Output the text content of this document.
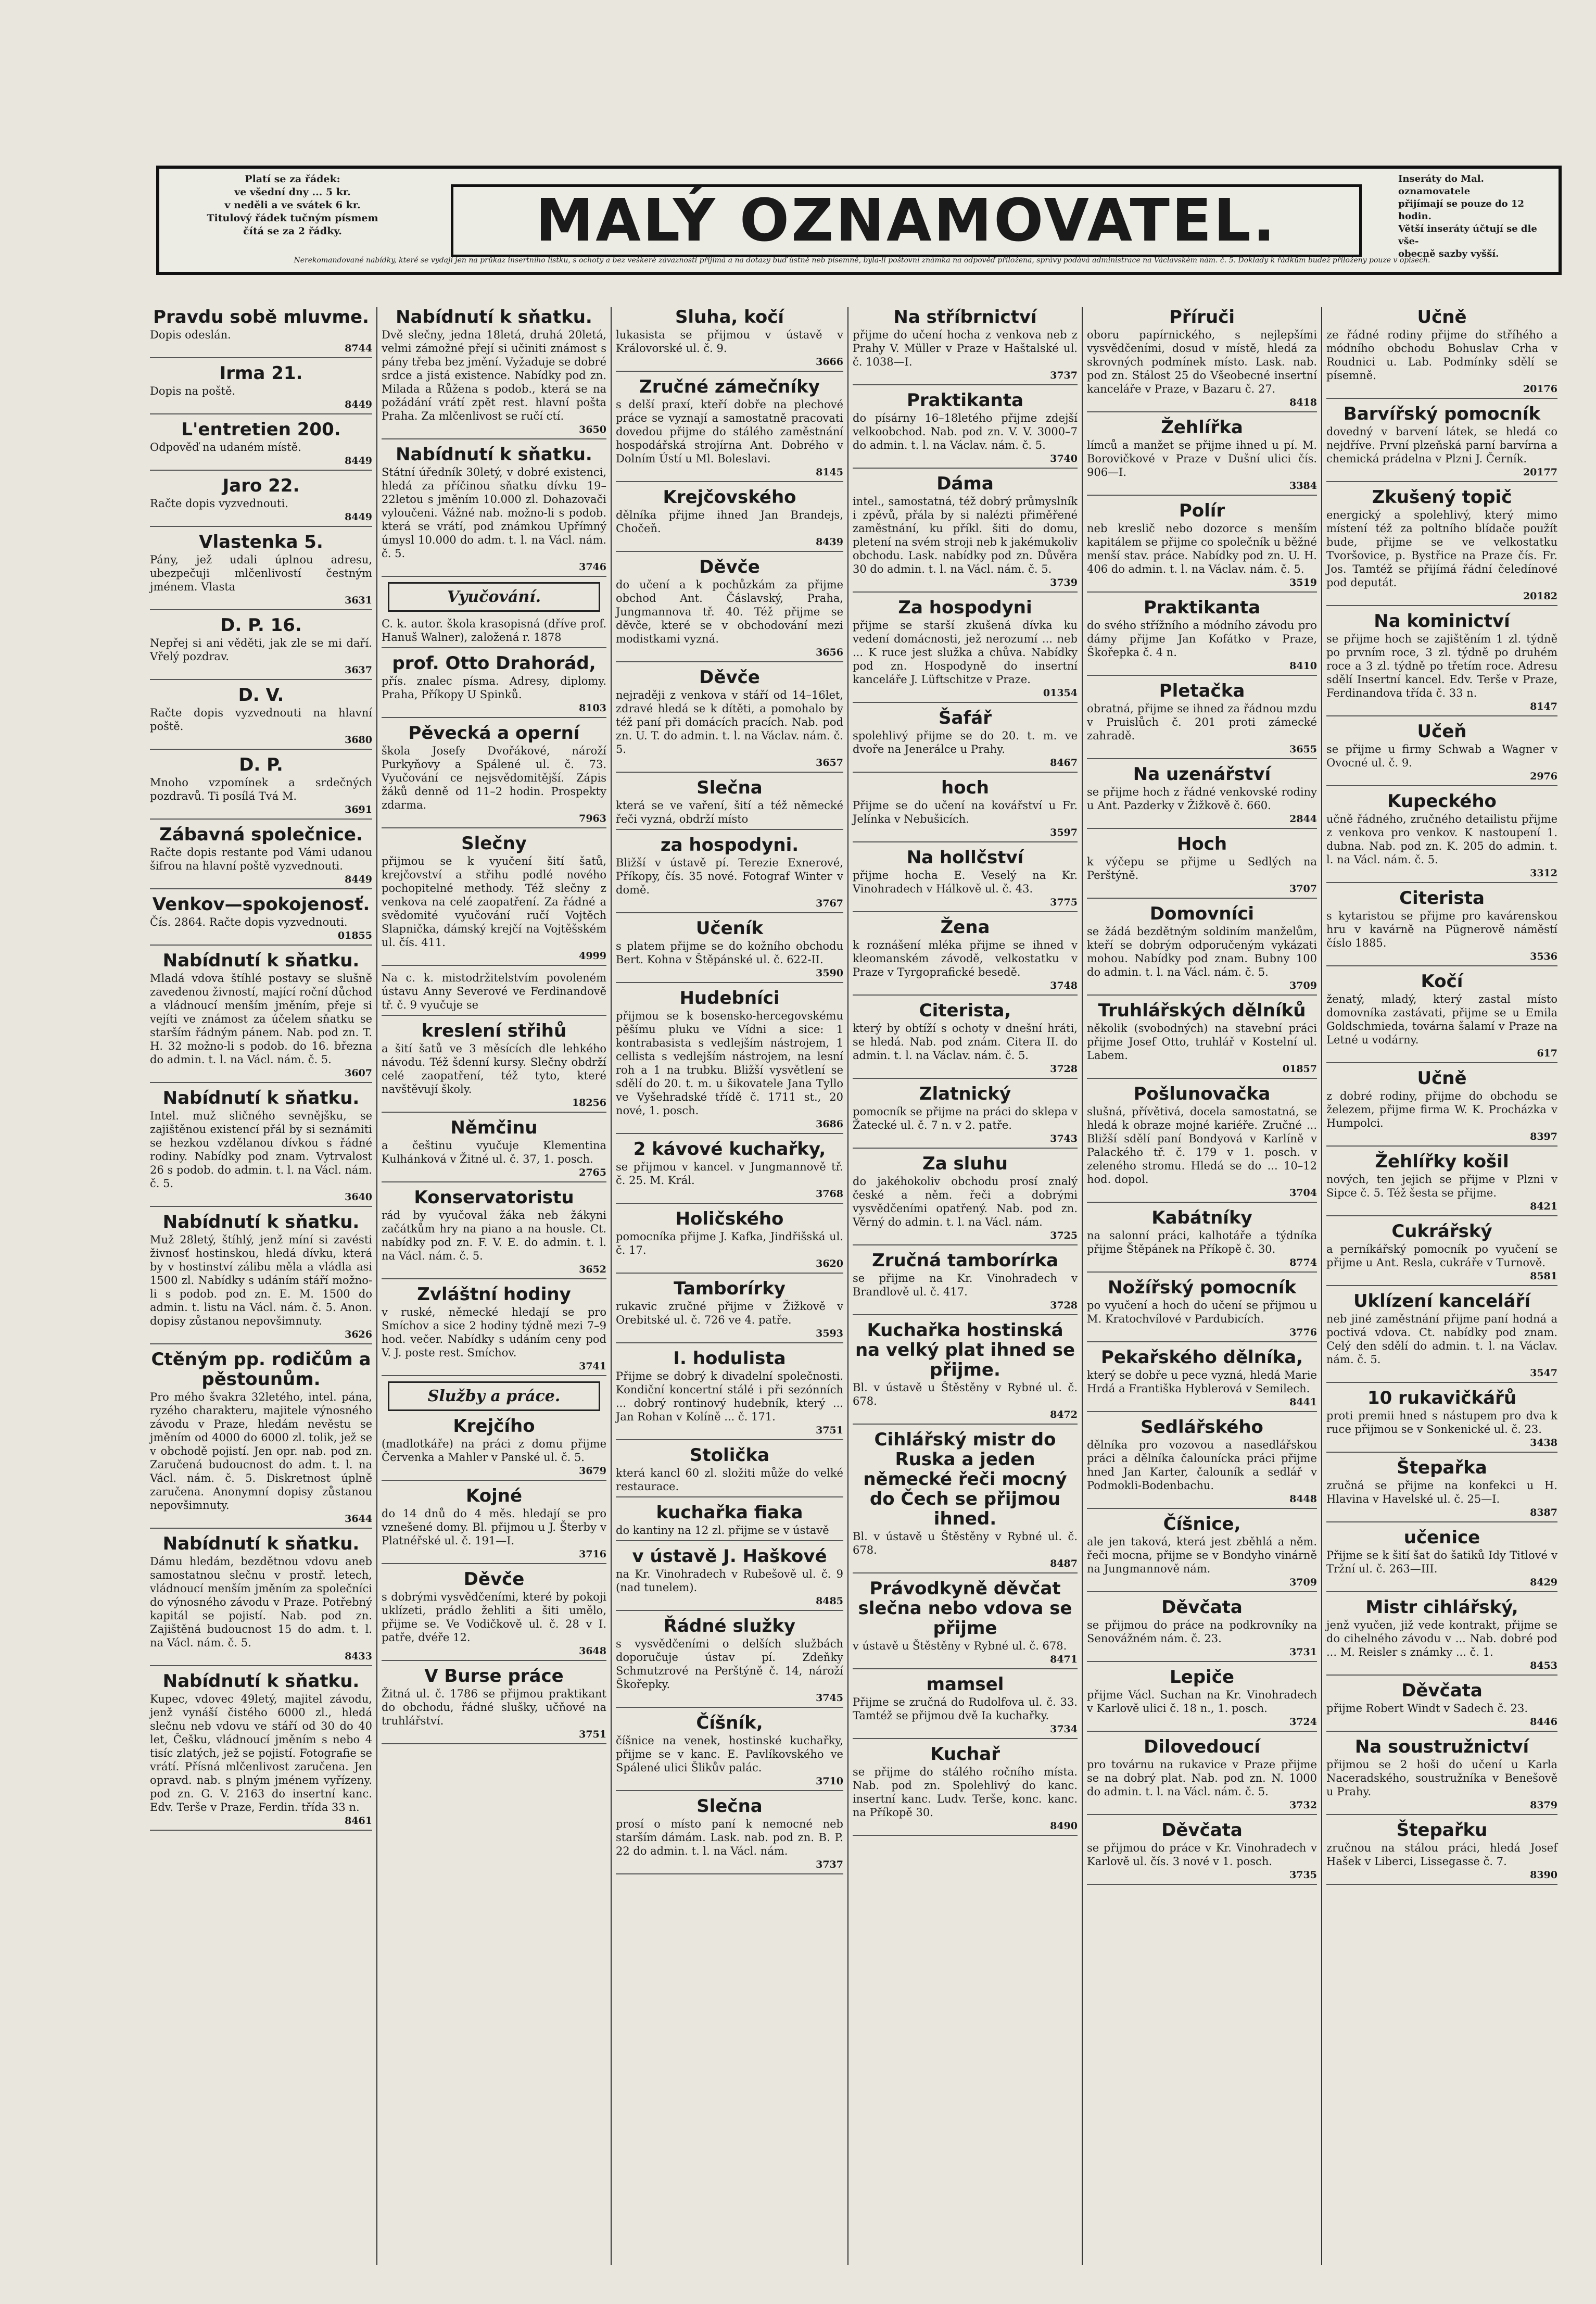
Platí se za řádek:
ve všední dny ... 5 kr.
v neděli a ve svátek 6 kr.
Titulový řádek tučným písmem
čítá se za 2 řádky.	MALÝ OZNAMOVATEL.
Inseráty do Mal. oznamovatele
přijímají se pouze do 12 hodin.
Větší inseráty účtují se dle vše-
obecně sazby vyšší.
Nerekomandované nabídky, které se vydají jen na průkaz insertního lístku, s ochoty a bez veškeré závaznosti přijímá a na dotazy buď ústně neb písemně, byla-li poštovní známka na odpověď přiložena, správy podává administrace na Václavském nám. č. 5. Doklady k řádkům budež přiloženy pouze v opisech.
Pravdu sobě mluvme.

Dopis odeslán.

8744
Irma 21.

Dopis na poště.

8449
L'entretien 200.

Odpověď na udaném místě.

8449
Jaro 22.

Račte dopis vyzvednouti.

8449
Vlastenka 5.

Pány, jež udali úplnou adresu, ubezpečuji mlčenlivostí čestným jménem. Vlasta

3631
D. P. 16.

Nepřej si ani věděti, jak zle se mi daří. Vřelý pozdrav.

3637
D. V.

Račte dopis vyzvednouti na hlavní poště.

3680
D. P.

Mnoho vzpomínek a srdečných pozdravů. Ti posílá Tvá M.

3691
Zábavná společnice.

Račte dopis restante pod Vámi udanou šifrou na hlavní poště vyzvednouti.

8449
Venkov—spokojenosť.

Čís. 2864. Račte dopis vyzvednouti.

01855
Nabídnutí k sňatku.

Mladá vdova štíhlé postavy se slušně zavedenou živností, mající roční důchod a vládnoucí menším jměním, přeje si vejíti ve známost za účelem sňatku se starším řádným pánem. Nab. pod zn. T. H. 32 možno-li s podob. do 16. března do admin. t. l. na Václ. nám. č. 5.

3607
Nabídnutí k sňatku.

Intel. muž sličného sevnějšku, se zajištěnou existencí přál by si seznámiti se hezkou vzdělanou dívkou s řádné rodiny. Nabídky pod znam. Vytrvalost 26 s podob. do admin. t. l. na Václ. nám. č. 5.

3640
Nabídnutí k sňatku.

Muž 28letý, štíhlý, jenž míní si zavésti živnosť hostinskou, hledá dívku, která by v hostinství zálibu měla a vládla asi 1500 zl. Nabídky s udáním stáří možno-li s podob. pod zn. E. M. 1500 do admin. t. listu na Václ. nám. č. 5. Anon. dopisy zůstanou nepovšimnuty.

3626
Ctěným pp. rodičům a pěstounům.

Pro mého švakra 32letého, intel. pána, ryzého charakteru, majitele výnosného závodu v Praze, hledám nevěstu se jměním od 4000 do 6000 zl. tolik, jež se v obchodě pojistí. Jen opr. nab. pod zn. Zaručená budoucnost do adm. t. l. na Václ. nám. č. 5. Diskretnost úplně zaručena. Anonymní dopisy zůstanou nepovšimnuty.

3644
Nabídnutí k sňatku.

Dámu hledám, bezdětnou vdovu aneb samostatnou slečnu v prostř. letech, vládnoucí menším jměním za společníci do výnosného závodu v Praze. Potřebný kapitál se pojistí. Nab. pod zn. Zajištěná budoucnost 15 do adm. t. l. na Václ. nám. č. 5.

8433
Nabídnutí k sňatku.

Kupec, vdovec 49letý, majitel závodu, jenž vynáší čistého 6000 zl., hledá slečnu neb vdovu ve stáří od 30 do 40 let, Češku, vládnoucí jměním s nebo 4 tisíc zlatých, jež se pojistí. Fotografie se vrátí. Přísná mlčenlivost zaručena. Jen opravd. nab. s plným jménem vyřízeny. pod zn. G. V. 2163 do insertní kanc. Edv. Terše v Praze, Ferdin. třída 33 n.

8461
Nabídnutí k sňatku.

Dvě slečny, jedna 18letá, druhá 20letá, velmi zámožné přejí si učiniti známost s pány třeba bez jmění. Vyžaduje se dobré srdce a jistá existence. Nabídky pod zn. Milada a Růžena s podob., která se na požádání vrátí zpět rest. hlavní pošta Praha. Za mlčenlivost se ručí ctí.

3650
Nabídnutí k sňatku.

Státní úředník 30letý, v dobré existenci, hledá za příčinou sňatku dívku 19–22letou s jměním 10.000 zl. Dohazovači vyloučeni. Vážné nab. možno-li s podob. která se vrátí, pod známkou Upřímný úmysl 10.000 do adm. t. l. na Václ. nám. č. 5.

3746
Vyučování.

C. k. autor. škola krasopisná (dříve prof. Hanuš Walner), založená r. 1878

prof. Otto Drahorád,

přís. znalec písma. Adresy, diplomy. Praha, Příkopy U Spinků.

8103
Pěvecká a operní

škola Josefy Dvořákové, nároží Purkyňovy a Spálené ul. č. 73. Vyučování ce nejsvědomitější. Zápis žáků denně od 11–2 hodin. Prospekty zdarma.

7963
Slečny

přijmou se k vyučení šití šatů, krejčovství a střihu podlé nového pochopitelné methody. Též slečny z venkova na celé zaopatření. Za řádné a svědomité vyučování ručí Vojtěch Slapnička, dámský krejčí na Vojtěšském ul. čís. 411.

4999

Na c. k. mistodržitelstvím povoleném ústavu Anny Severové ve Ferdinandově tř. č. 9 vyučuje se

kreslení střihů

a šití šatů ve 3 měsících dle lehkého návodu. Též šdenní kursy. Slečny obdrží celé zaopatření, též tyto, které navštěvují školy.

18256
Němčinu

a češtinu vyučuje Klementina Kulhánková v Žitné ul. č. 37, 1. posch.

2765
Konservatoristu

rád by vyučoval žáka neb žákyni začátkům hry na piano a na housle. Ct. nabídky pod zn. F. V. E. do admin. t. l. na Václ. nám. č. 5.

3652
Zvláštní hodiny

v ruské, německé hledají se pro Smíchov a sice 2 hodiny týdně mezi 7–9 hod. večer. Nabídky s udáním ceny pod V. J. poste rest. Smíchov.

3741
Služby a práce.
Krejčího

(madlotkáře) na práci z domu přijme Červenka a Mahler v Panské ul. č. 5.

3679
Kojné

do 14 dnů do 4 měs. hledají se pro vznešené domy. Bl. přijmou u J. Šterby v Platnéřské ul. č. 191—I.

3716
Děvče

s dobrými vysvědčeními, které by pokoji uklízeti, prádlo žehliti a šiti umělo, přijme se. Ve Vodičkově ul. č. 28 v I. patře, dvéře 12.

3648
V Burse práce

Žitná ul. č. 1786 se přijmou praktikant do obchodu, řádné slušky, učňové na truhlářství.

3751
Sluha, kočí

lukasista se přijmou v ústavě v Královorské ul. č. 9.

3666
Zručné zámečníky

s delší praxí, kteří dobře na plechové práce se vyznají a samostatně pracovati dovedou přijme do stálého zaměstnání hospodářská strojírna Ant. Dobrého v Dolním Ústí u Ml. Boleslavi.

8145
Krejčovského

dělníka přijme ihned Jan Brandejs, Chočeň.

8439
Děvče

do učení a k pochůzkám za přijme obchod Ant. Čáslavský, Praha, Jungmannova tř. 40. Též přijme se děvče, které se v obchodování mezi modistkami vyzná.

3656
Děvče

nejraději z venkova v stáří od 14–16let, zdravé hledá se k dítěti, a pomohalo by též paní při domácích pracích. Nab. pod zn. U. T. do admin. t. l. na Václav. nám. č. 5.

3657
Slečna

která se ve vaření, šití a též německé řeči vyzná, obdrží místo

za hospodyni.

Bližší v ústavě pí. Terezie Exnerové, Příkopy, čís. 35 nové. Fotograf Winter v domě.

3767
Učeník

s platem přijme se do kožního obchodu Bert. Kohna v Štěpánské ul. č. 622-II.

3590
Hudebníci

přijmou se k bosensko-hercegovskému pěšímu pluku ve Vídni a sice: 1 kontrabasista s vedlejším nástrojem, 1 cellista s vedlejším nástrojem, na lesní roh a 1 na trubku. Bližší vysvětlení se sdělí do 20. t. m. u šikovatele Jana Tyllo ve Vyšehradské třídě č. 1711 st., 20 nové, 1. posch.

3686
2 kávové kuchařky,

se přijmou v kancel. v Jungmannově tř. č. 25. M. Král.

3768
Holičského

pomocníka přijme J. Kafka, Jindřišská ul. č. 17.

3620
Tamborírky

rukavic zručné přijme v Žižkově v Orebitské ul. č. 726 ve 4. patře.

3593
I. hodulista

Přijme se dobrý k divadelní společnosti. Kondiční koncertní stálé i při sezónních ... dobrý rontinový hudebník, který ... Jan Rohan v Kolíně ... č. 171.

3751
Stolička

která kancl 60 zl. složiti může do velké restaurace.

kuchařka fiaka

do kantiny na 12 zl. přijme se v ústavě

v ústavě J. Haškové

na Kr. Vinohradech v Rubešově ul. č. 9 (nad tunelem).

8485
Řádné služky

s vysvědčeními o delších službách doporučuje ústav pí. Zdeňky Schmutzrové na Perštýně č. 14, nároží Škořepky.

3745
Číšník,

číšnice na venek, hostinské kuchařky, přijme se v kanc. E. Pavlíkovského ve Spálené ulici Šlikův palác.

3710
Slečna

prosí o místo paní k nemocné neb starším dámám. Lask. nab. pod zn. B. P. 22 do admin. t. l. na Václ. nám.

3737
Na stříbrnictví

přijme do učení hocha z venkova neb z Prahy V. Müller v Praze v Haštalské ul. č. 1038—I.

3737
Praktikanta

do písárny 16–18letého přijme zdejší velkoobchod. Nab. pod zn. V. V. 3000–7 do admin. t. l. na Václav. nám. č. 5.

3740
Dáma

intel., samostatná, též dobrý průmyslník i zpěvů, přála by si nalézti přiměřené zaměstnání, ku příkl. šiti do domu, pletení na svém stroji neb k jakémukoliv obchodu. Lask. nabídky pod zn. Důvěra 30 do admin. t. l. na Václ. nám. č. 5.

3739
Za hospodyni

přijme se starší zkušená dívka ku vedení domácnosti, jež nerozumí ... neb ... K ruce jest služka a chůva. Nabídky pod zn. Hospodyně do insertní kanceláře J. Lüftschitze v Praze.

01354
Šafář

spolehlivý přijme se do 20. t. m. ve dvoře na Jenerálce u Prahy.

8467
hoch

Přijme se do učení na kovářství u Fr. Jelínka v Nebušicích.

3597
Na hollčství

přijme hocha E. Veselý na Kr. Vinohradech v Hálkově ul. č. 43.

3775
Žena

k roznášení mléka přijme se ihned v kleomanském závodě, velkostatku v Praze v Tyrgoprafické besedě.

3748
Citerista,

který by obtíží s ochoty v dnešní hráti, se hledá. Nab. pod znám. Citera II. do admin. t. l. na Václav. nám. č. 5.

3728
Zlatnický

pomocník se přijme na práci do sklepa v Žatecké ul. č. 7 n. v 2. patře.

3743
Za sluhu

do jakéhokoliv obchodu prosí znalý české a něm. řeči a dobrými vysvědčeními opatřený. Nab. pod zn. Věrný do admin. t. l. na Václ. nám.

3725
Zručná tamborírka

se přijme na Kr. Vinohradech v Brandlově ul. č. 417.

3728
Kuchařka hostinská na velký plat ihned se přijme.

Bl. v ústavě u Štěstěny v Rybné ul. č. 678.

8472
Cihlářský mistr do Ruska a jeden německé řeči mocný do Čech se přijmou ihned.

Bl. v ústavě u Štěstěny v Rybné ul. č. 678.

8487
Právodkyně děvčat slečna nebo vdova se přijme

v ústavě u Štěstěny v Rybné ul. č. 678.

8471
mamsel

Přijme se zručná do Rudolfova ul. č. 33. Tamtéž se přijmou dvě Ia kuchařky.

3734
Kuchař

se přijme do stálého ročního místa. Nab. pod zn. Spolehlivý do kanc. insertní kanc. Ludv. Terše, konc. kanc. na Příkopě 30.

8490
Příruči

oboru papírnického, s nejlepšími vysvědčeními, dosud v místě, hledá za skrovných podmínek místo. Lask. nab. pod zn. Stálost 25 do Všeobecné insertní kanceláře v Praze, v Bazaru č. 27.

8418
Žehlířka

límců a manžet se přijme ihned u pí. M. Borovičkové v Praze v Dušní ulici čís. 906—I.

3384
Polír

neb kreslič nebo dozorce s menším kapitálem se přijme co společník u běžné menší stav. práce. Nabídky pod zn. U. H. 406 do admin. t. l. na Václav. nám. č. 5.

3519
Praktikanta

do svého střížního a módního závodu pro dámy přijme Jan Kofátko v Praze, Škořepka č. 4 n.

8410
Pletačka

obratná, přijme se ihned za řádnou mzdu v Pruislůch č. 201 proti zámecké zahradě.

3655
Na uzenářství

se přijme hoch z řádné venkovské rodiny u Ant. Pazderky v Žižkově č. 660.

2844
Hoch

k výčepu se přijme u Sedlých na Perštýně.

3707
Domovníci

se žádá bezdětným soldiním manželům, kteří se dobrým odporučeným vykázati mohou. Nabídky pod znam. Bubny 100 do admin. t. l. na Václ. nám. č. 5.

3709
Truhlářských dělníků

několik (svobodných) na stavební práci přijme Josef Otto, truhlář v Kostelní ul. Labem.

01857
Pošlunovačka

slušná, přívětivá, docela samostatná, se hledá k obraze mojné kariéře. Zručné ... Bližší sdělí paní Bondyová v Karlíně v Palackého tř. č. 179 v 1. posch. v zeleného stromu. Hledá se do ... 10–12 hod. dopol.

3704
Kabátníky

na salonní práci, kalhotáře a týdníka přijme Štěpánek na Příkopě č. 30.

8774
Nožířský pomocník

po vyučení a hoch do učení se přijmou u M. Kratochvílové v Pardubicích.

3776
Pekařského dělníka,

který se dobře u pece vyzná, hledá Marie Hrdá a Františka Hyblerová v Semilech.

8441
Sedlářského

dělníka pro vozovou a nasedlářskou práci a dělníka čalounícka práci přijme hned Jan Karter, čalouník a sedlář v Podmokli-Bodenbachu.

8448
Číšnice,

ale jen taková, která jest zběhlá a něm. řeči mocna, přijme se v Bondyho vinárně na Jungmannově nám.

3709
Děvčata

se přijmou do práce na podkrovníky na Senovážném nám. č. 23.

3731
Lepiče

přijme Václ. Suchan na Kr. Vinohradech v Karlově ulici č. 18 n., 1. posch.

3724
Dilovedoucí

pro továrnu na rukavice v Praze přijme se na dobrý plat. Nab. pod zn. N. 1000 do admin. t. l. na Václ. nám. č. 5.

3732
Děvčata

se přijmou do práce v Kr. Vinohradech v Karlově ul. čís. 3 nové v 1. posch.

3735
Učně

ze řádné rodiny přijme do stříhého a módního obchodu Bohuslav Crha v Roudnici u. Lab. Podmínky sdělí se písemně.

20176
Barvířský pomocník

dovedný v barvení látek, se hledá co nejdříve. První plzeňská parní barvírna a chemická prádelna v Plzni J. Černík.

20177
Zkušený topič

energický a spolehlivý, který mimo místení též za poltního blídače použít bude, přijme se ve velkostatku Tvoršovice, p. Bystřice na Praze čís. Fr. Jos. Tamtéž se přijímá řádní čeledínové pod deputát.

20182
Na kominictví

se přijme hoch se zajištěním 1 zl. týdně po prvním roce, 3 zl. týdně po druhém roce a 3 zl. týdně po třetím roce. Adresu sdělí Insertní kancel. Edv. Terše v Praze, Ferdinandova třída č. 33 n.

8147
Učeň

se přijme u firmy Schwab a Wagner v Ovocné ul. č. 9.

2976
Kupeckého

učně řádného, zručného detailistu přijme z venkova pro venkov. K nastoupení 1. dubna. Nab. pod zn. K. 205 do admin. t. l. na Václ. nám. č. 5.

3312
Citerista

s kytaristou se přijme pro kavárenskou hru v kavárně na Pügnerově náměstí číslo 1885.

3536
Kočí

ženatý, mladý, který zastal místo domovníka zastávati, přijme se u Emila Goldschmieda, továrna šalamí v Praze na Letné u vodárny.

617
Učně

z dobré rodiny, přijme do obchodu se železem, přijme firma W. K. Procházka v Humpolci.

8397
Žehlířky košil

nových, ten jejich se přijme v Plzni v Sipce č. 5. Též šesta se přijme.

8421
Cukrářský

a perníkářský pomocník po vyučení se přijme u Ant. Resla, cukráře v Turnově.

8581
Uklízení kanceláří

neb jiné zaměstnání přijme paní hodná a poctivá vdova. Ct. nabídky pod znam. Celý den sdělí do admin. t. l. na Václav. nám. č. 5.

3547
10 rukavičkářů

proti premii hned s nástupem pro dva k ruce přijmou se v Sonkenické ul. č. 23.

3438
Štepařka

zručná se přijme na konfekci u H. Hlavina v Havelské ul. č. 25—I.

8387
učenice

Přijme se k šití šat do šatiků Idy Titlové v Tržní ul. č. 263—III.

8429
Mistr cihlářský,

jenž vyučen, již vede kontrakt, přijme se do cihelného závodu v ... Nab. dobré pod ... M. Reisler s známky ... č. 1.

8453
Děvčata

přijme Robert Windt v Sadech č. 23.

8446
Na soustružnictví

přijmou se 2 hoši do učení u Karla Naceradského, soustružníka v Benešově u Prahy.

8379
Štepařku

zručnou na stálou práci, hledá Josef Hašek v Liberci, Lissegasse č. 7.

8390
